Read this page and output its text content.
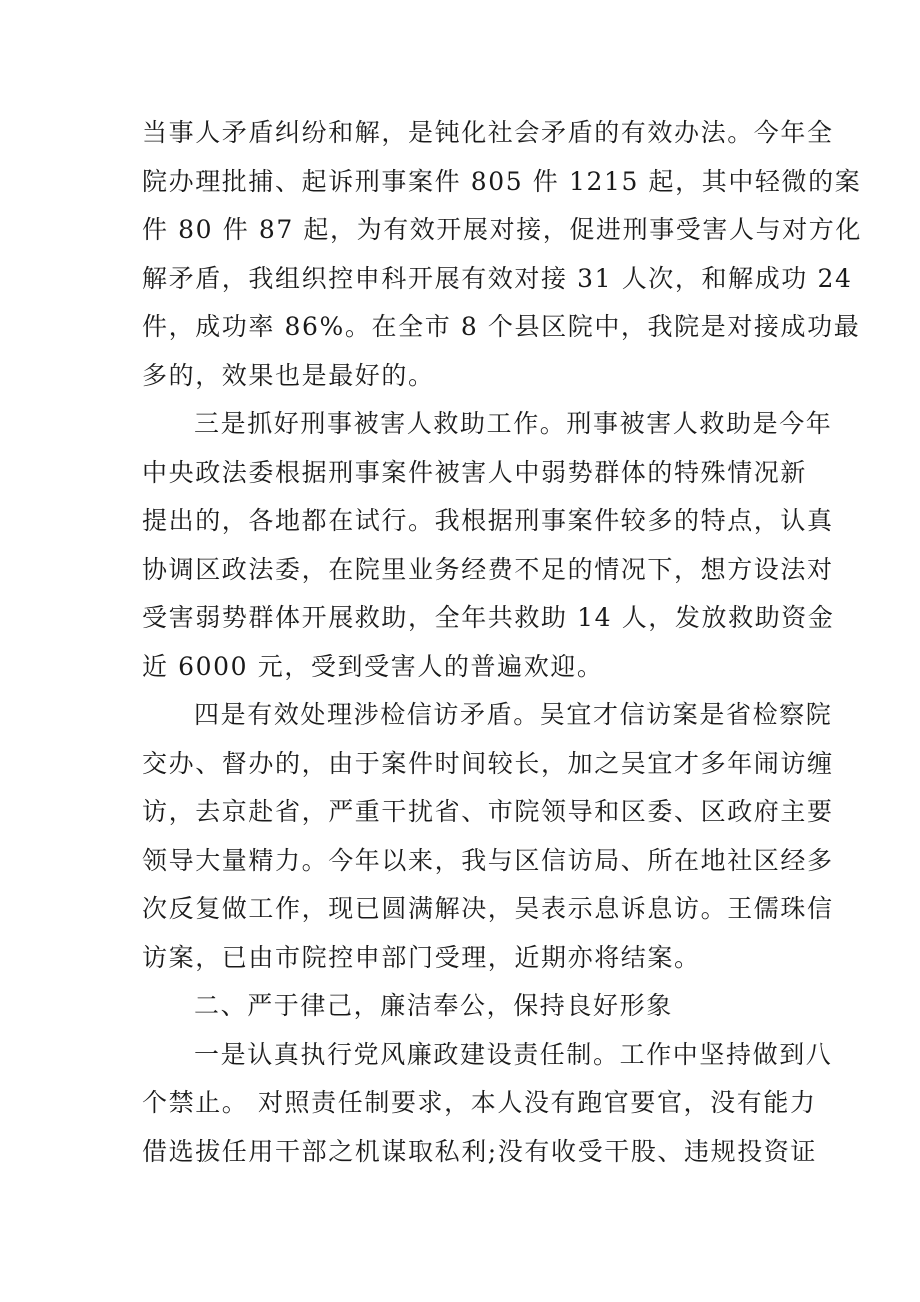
当事人矛盾纠纷和解，是钝化社会矛盾的有效办法。今年全
院办理批捕、起诉刑事案件 805 件 1215 起，其中轻微的案
件 80 件 87 起，为有效开展对接，促进刑事受害人与对方化
解矛盾，我组织控申科开展有效对接 31 人次，和解成功 24
件，成功率 86%。在全市 8 个县区院中，我院是对接成功最
多的，效果也是最好的。
三是抓好刑事被害人救助工作。刑事被害人救助是今年
中央政法委根据刑事案件被害人中弱势群体的特殊情况新
提出的，各地都在试行。我根据刑事案件较多的特点，认真
协调区政法委，在院里业务经费不足的情况下，想方设法对
受害弱势群体开展救助，全年共救助 14 人，发放救助资金
近 6000 元，受到受害人的普遍欢迎。
四是有效处理涉检信访矛盾。吴宜才信访案是省检察院
交办、督办的，由于案件时间较长，加之吴宜才多年闹访缠
访，去京赴省，严重干扰省、市院领导和区委、区政府主要
领导大量精力。今年以来，我与区信访局、所在地社区经多
次反复做工作，现已圆满解决，吴表示息诉息访。王儒珠信
访案，已由市院控申部门受理，近期亦将结案。
二、严于律己，廉洁奉公，保持良好形象
一是认真执行党风廉政建设责任制。工作中坚持做到八
个禁止。 对照责任制要求，本人没有跑官要官，没有能力
借选拔任用干部之机谋取私利;没有收受干股、违规投资证
